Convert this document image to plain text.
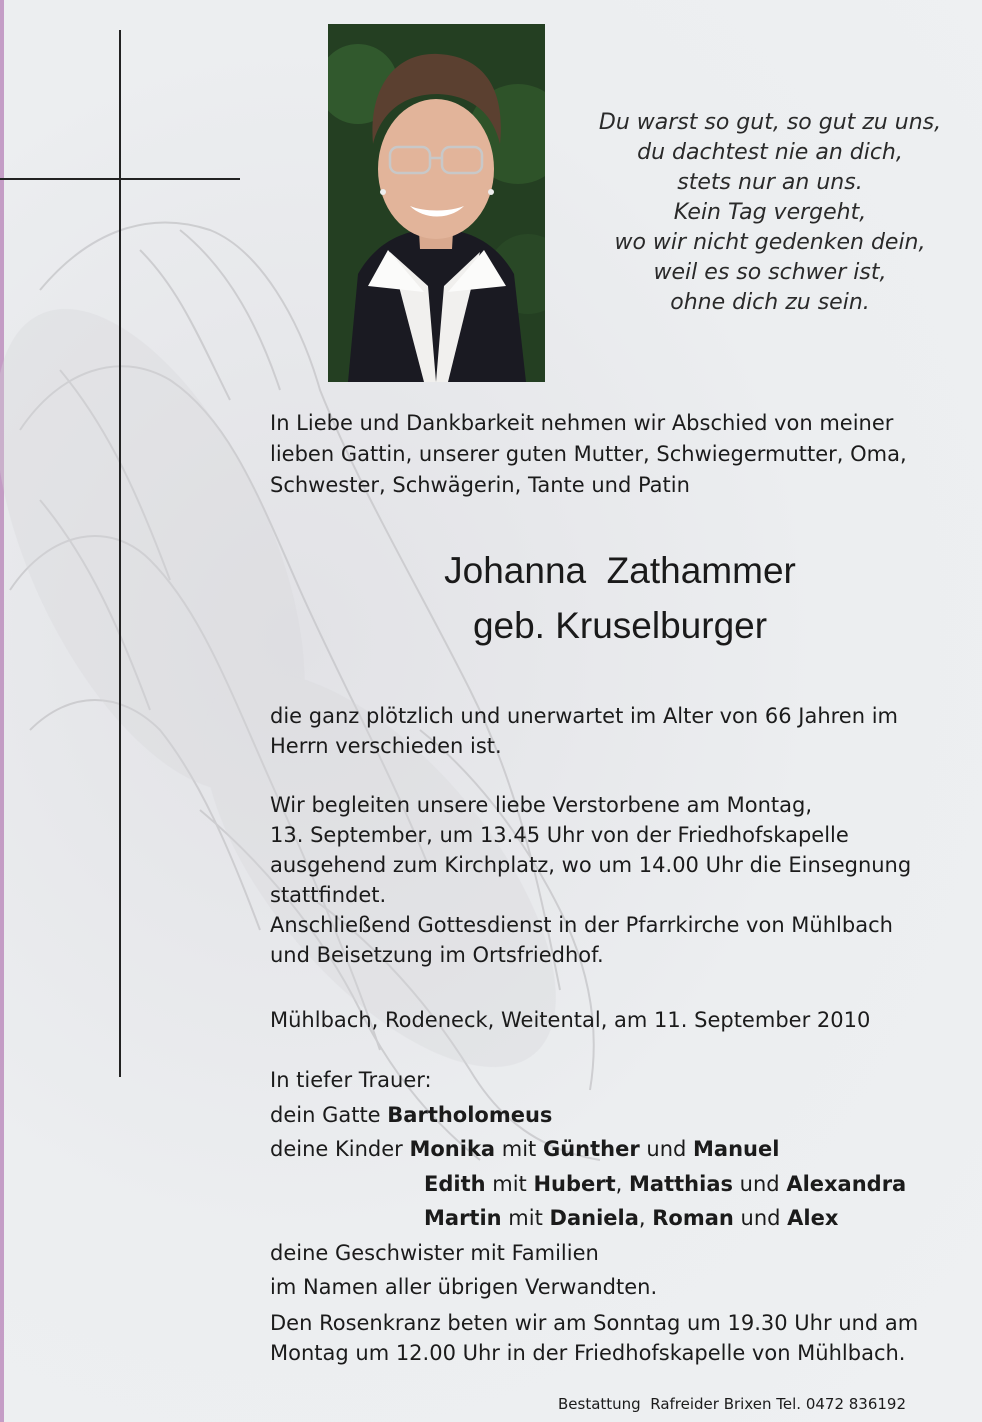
Du warst so gut, so gut zu uns,
du dachtest nie an dich,
stets nur an uns.
Kein Tag vergeht,
wo wir nicht gedenken dein,
weil es so schwer ist,
ohne dich zu sein.
In Liebe und Dankbarkeit nehmen wir Abschied von meiner
lieben Gattin, unserer guten Mutter, Schwiegermutter, Oma,
Schwester, Schwägerin, Tante und Patin
Johanna  Zathammer
geb. Kruselburger
die ganz plötzlich und unerwartet im Alter von 66 Jahren im
Herrn verschieden ist.
Wir begleiten unsere liebe Verstorbene am Montag,
13. September, um 13.45 Uhr von der Friedhofskapelle
ausgehend zum Kirchplatz, wo um 14.00 Uhr die Einsegnung
stattfindet.
Anschließend Gottesdienst in der Pfarrkirche von Mühlbach
und Beisetzung im Ortsfriedhof.
Mühlbach, Rodeneck, Weitental, am 11. September 2010
In tiefer Trauer:
dein Gatte Bartholomeus
deine Kinder Monika mit Günther und Manuel
Edith mit Hubert, Matthias und Alexandra
Martin mit Daniela, Roman und Alex
deine Geschwister mit Familien
im Namen aller übrigen Verwandten.
Den Rosenkranz beten wir am Sonntag um 19.30 Uhr und am
Montag um 12.00 Uhr in der Friedhofskapelle von Mühlbach.
Bestattung  Rafreider Brixen Tel. 0472 836192
